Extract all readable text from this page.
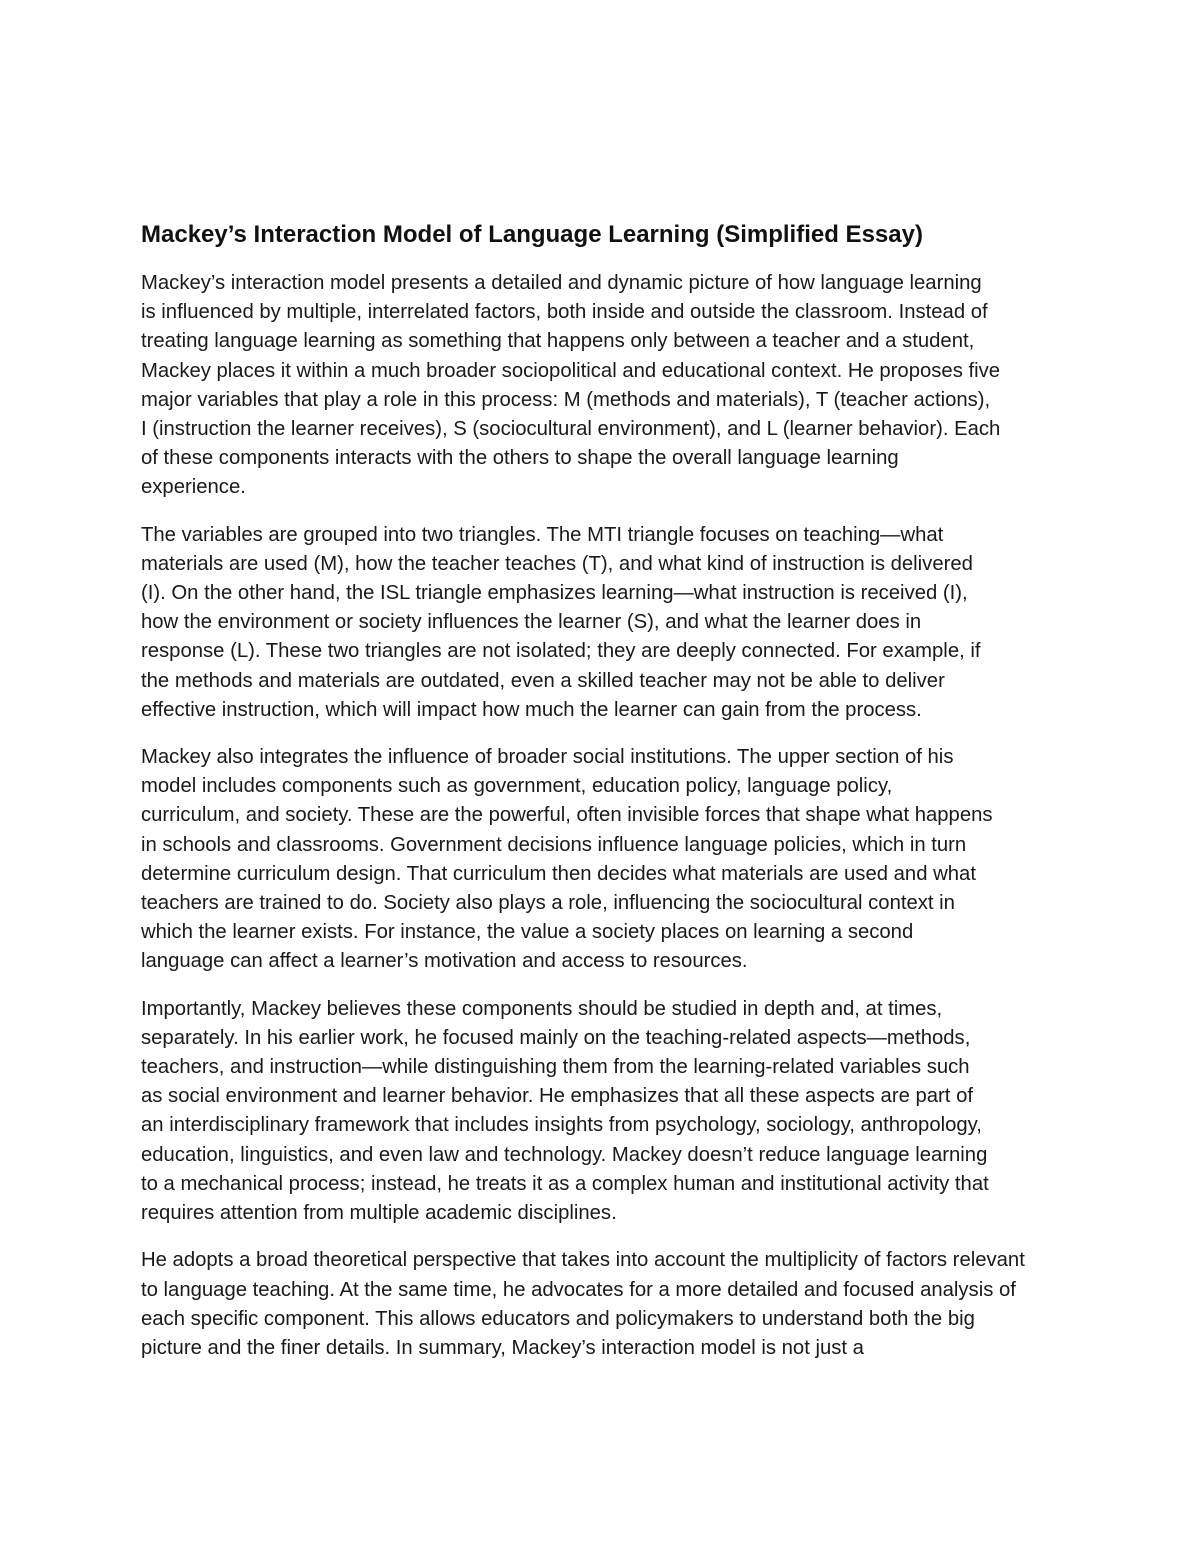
Mackey’s Interaction Model of Language Learning (Simplified Essay)
Mackey’s interaction model presents a detailed and dynamic picture of how language learning
is influenced by multiple, interrelated factors, both inside and outside the classroom. Instead of
treating language learning as something that happens only between a teacher and a student,
Mackey places it within a much broader sociopolitical and educational context. He proposes five
major variables that play a role in this process: M (methods and materials), T (teacher actions),
I (instruction the learner receives), S (sociocultural environment), and L (learner behavior). Each
of these components interacts with the others to shape the overall language learning
experience.
The variables are grouped into two triangles. The MTI triangle focuses on teaching—what
materials are used (M), how the teacher teaches (T), and what kind of instruction is delivered
(I). On the other hand, the ISL triangle emphasizes learning—what instruction is received (I),
how the environment or society influences the learner (S), and what the learner does in
response (L). These two triangles are not isolated; they are deeply connected. For example, if
the methods and materials are outdated, even a skilled teacher may not be able to deliver
effective instruction, which will impact how much the learner can gain from the process.
Mackey also integrates the influence of broader social institutions. The upper section of his
model includes components such as government, education policy, language policy,
curriculum, and society. These are the powerful, often invisible forces that shape what happens
in schools and classrooms. Government decisions influence language policies, which in turn
determine curriculum design. That curriculum then decides what materials are used and what
teachers are trained to do. Society also plays a role, influencing the sociocultural context in
which the learner exists. For instance, the value a society places on learning a second
language can affect a learner’s motivation and access to resources.
Importantly, Mackey believes these components should be studied in depth and, at times,
separately. In his earlier work, he focused mainly on the teaching-related aspects—methods,
teachers, and instruction—while distinguishing them from the learning-related variables such
as social environment and learner behavior. He emphasizes that all these aspects are part of
an interdisciplinary framework that includes insights from psychology, sociology, anthropology,
education, linguistics, and even law and technology. Mackey doesn’t reduce language learning
to a mechanical process; instead, he treats it as a complex human and institutional activity that
requires attention from multiple academic disciplines.
He adopts a broad theoretical perspective that takes into account the multiplicity of factors relevant
to language teaching. At the same time, he advocates for a more detailed and focused analysis of
each specific component. This allows educators and policymakers to understand both the big
picture and the finer details. In summary, Mackey’s interaction model is not just a
